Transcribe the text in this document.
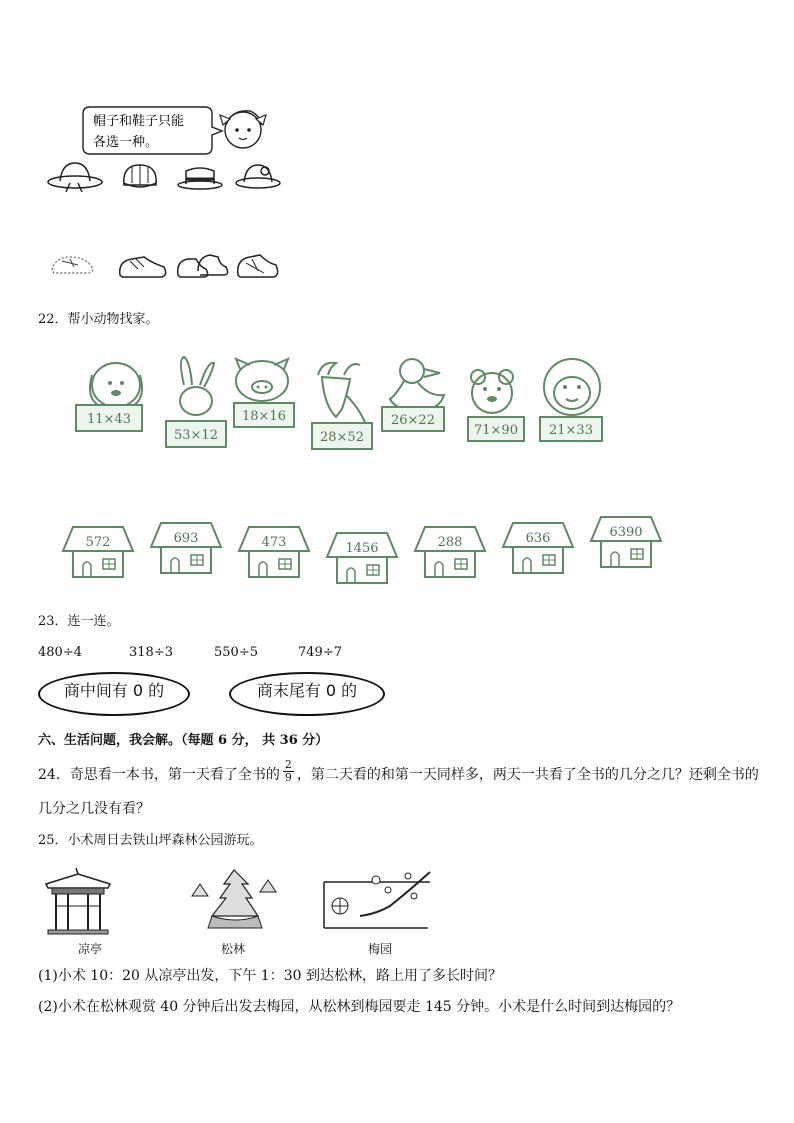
帽子和鞋子只能
各选一种。
22．帮小动物找家。
11×43
53×12
18×16
28×52
26×22
71×90 21×33
572	693	473	1456	288	636	6390
23．连一连。
480÷4	318÷3	550÷5	749÷7
商中间有 0 的	商末尾有 0 的
六、生活问题，我会解。（每题 6 分， 共 36 分）
24．奇思看一本书，第一天看了全书的 $\frac{2}{9}$ ，第二天看的和第一天同样多，两天一共看了全书的几分之几？还剩全书的
几分之几没有看？
25．小术周日去铁山坪森林公园游玩。
凉亭	松林	梅园
(1)小术 10：20 从凉亭出发，下午 1：30 到达松林，路上用了多长时间？
(2)小术在松林观赏 40 分钟后出发去梅园，从松林到梅园要走 145 分钟。小术是什么时间到达梅园的？
